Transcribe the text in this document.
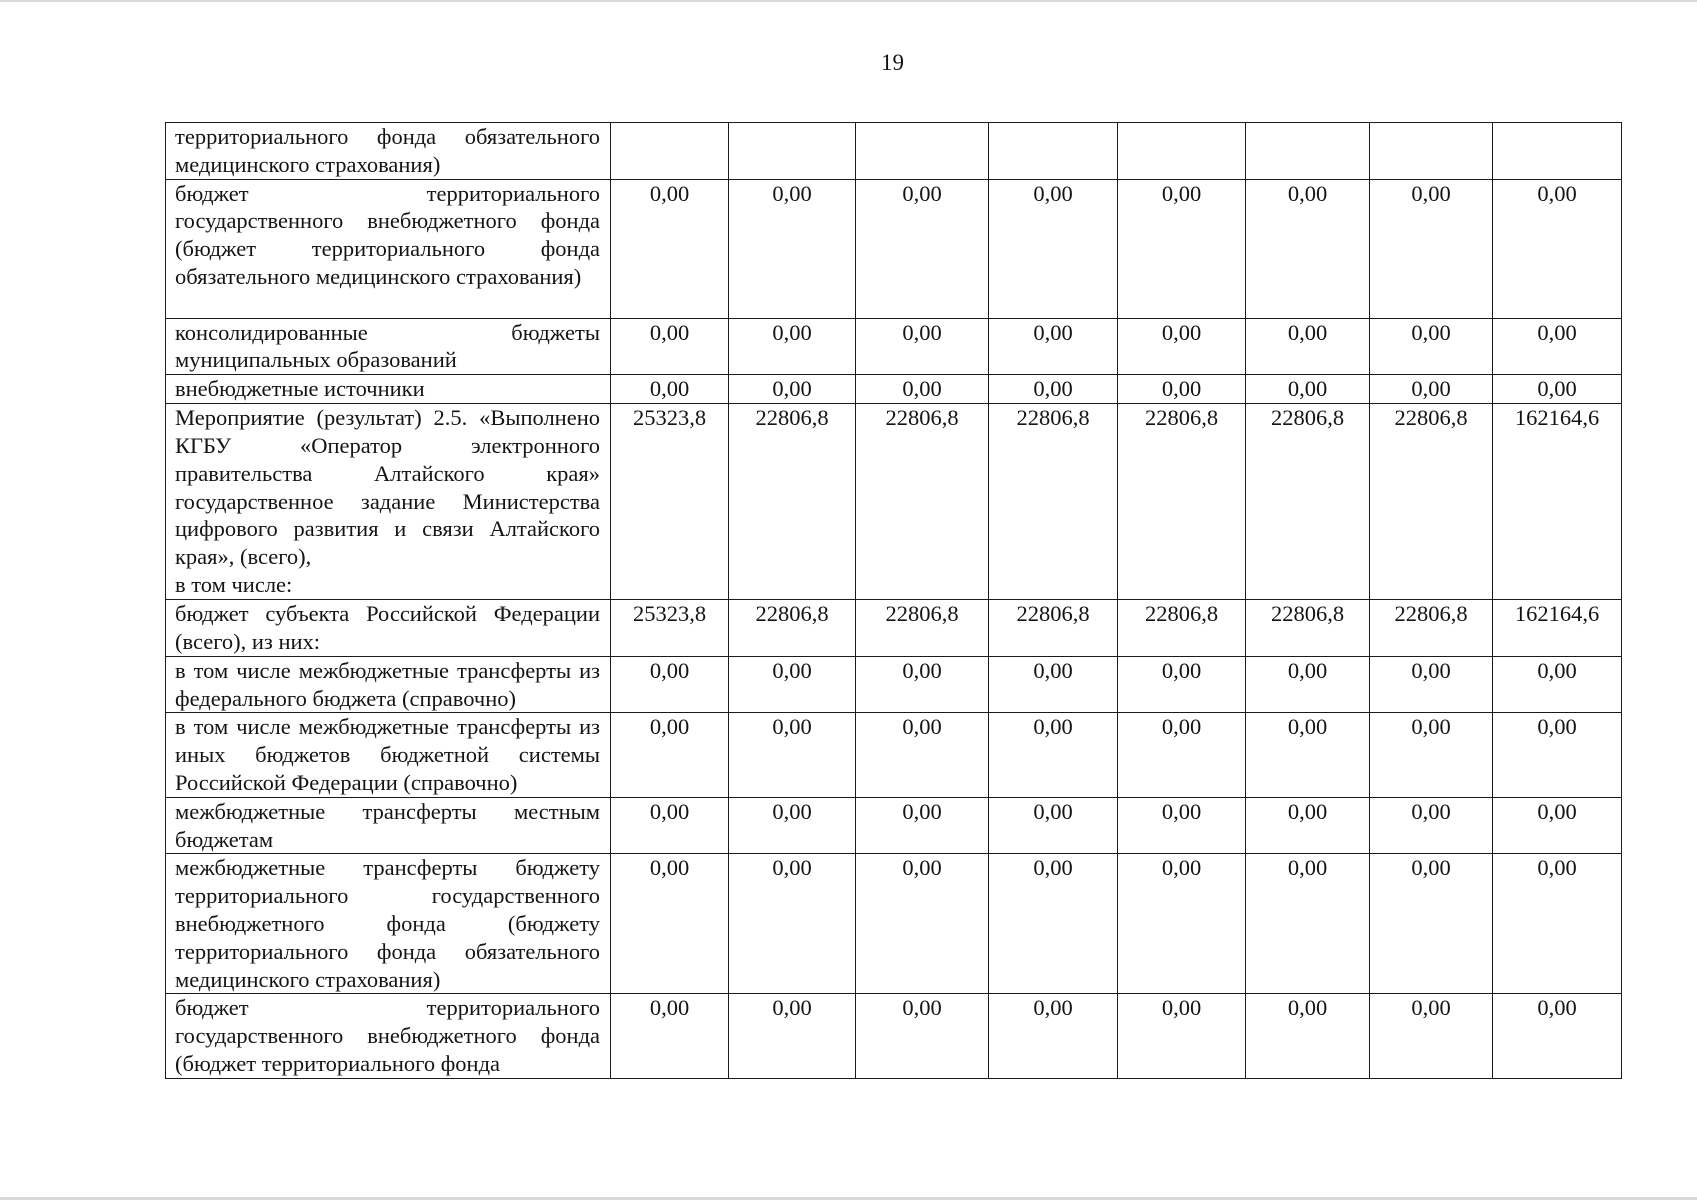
19
территориального фонда обязательного медицинского страхования)								

бюджет территориального государственного внебюджетного фонда (бюджет территориального фонда обязательного медицинского страхования)	0,00	0,00	0,00	0,00	0,00	0,00	0,00	0,00

консолидированные бюджеты муниципальных образований	0,00	0,00	0,00	0,00	0,00	0,00	0,00	0,00

внебюджетные источники	0,00	0,00	0,00	0,00	0,00	0,00	0,00	0,00

Мероприятие (результат) 2.5. «Выполнено КГБУ «Оператор электронного правительства Алтайского края» государственное задание Министерства цифрового развития и связи Алтайского края», (всего),
в том числе:	25323,8	22806,8	22806,8	22806,8	22806,8	22806,8	22806,8	162164,6

бюджет субъекта Российской Федерации (всего), из них:	25323,8	22806,8	22806,8	22806,8	22806,8	22806,8	22806,8	162164,6

в том числе межбюджетные трансферты из федерального бюджета (справочно)	0,00	0,00	0,00	0,00	0,00	0,00	0,00	0,00

в том числе межбюджетные трансферты из иных бюджетов бюджетной системы Российской Федерации (справочно)	0,00	0,00	0,00	0,00	0,00	0,00	0,00	0,00

межбюджетные трансферты местным бюджетам	0,00	0,00	0,00	0,00	0,00	0,00	0,00	0,00

межбюджетные трансферты бюджету территориального государственного внебюджетного фонда (бюджету территориального фонда обязательного медицинского страхования)	0,00	0,00	0,00	0,00	0,00	0,00	0,00	0,00

бюджет территориального государственного внебюджетного фонда (бюджет территориального фонда	0,00	0,00	0,00	0,00	0,00	0,00	0,00	0,00
